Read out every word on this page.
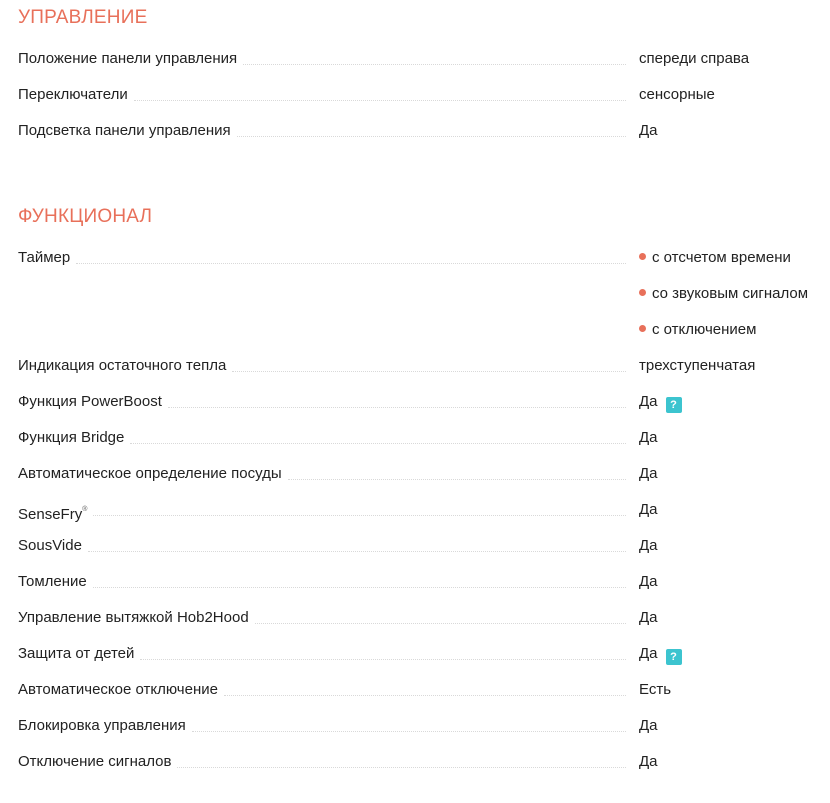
УПРАВЛЕНИЕ
Положение панели управления	спереди справа
Переключатели	сенсорные
Подсветка панели управления	Да
ФУНКЦИОНАЛ
Таймер	с отсчетом времени
со звуковым сигналом
с отключением
Индикация остаточного тепла	трехступенчатая
Функция PowerBoost	Да ?
Функция Bridge	Да
Автоматическое определение посуды	Да
SenseFry®	Да
SousVide	Да
Томление	Да
Управление вытяжкой Hob2Hood	Да
Защита от детей	Да ?
Автоматическое отключение	Есть
Блокировка управления	Да
Отключение сигналов	Да
